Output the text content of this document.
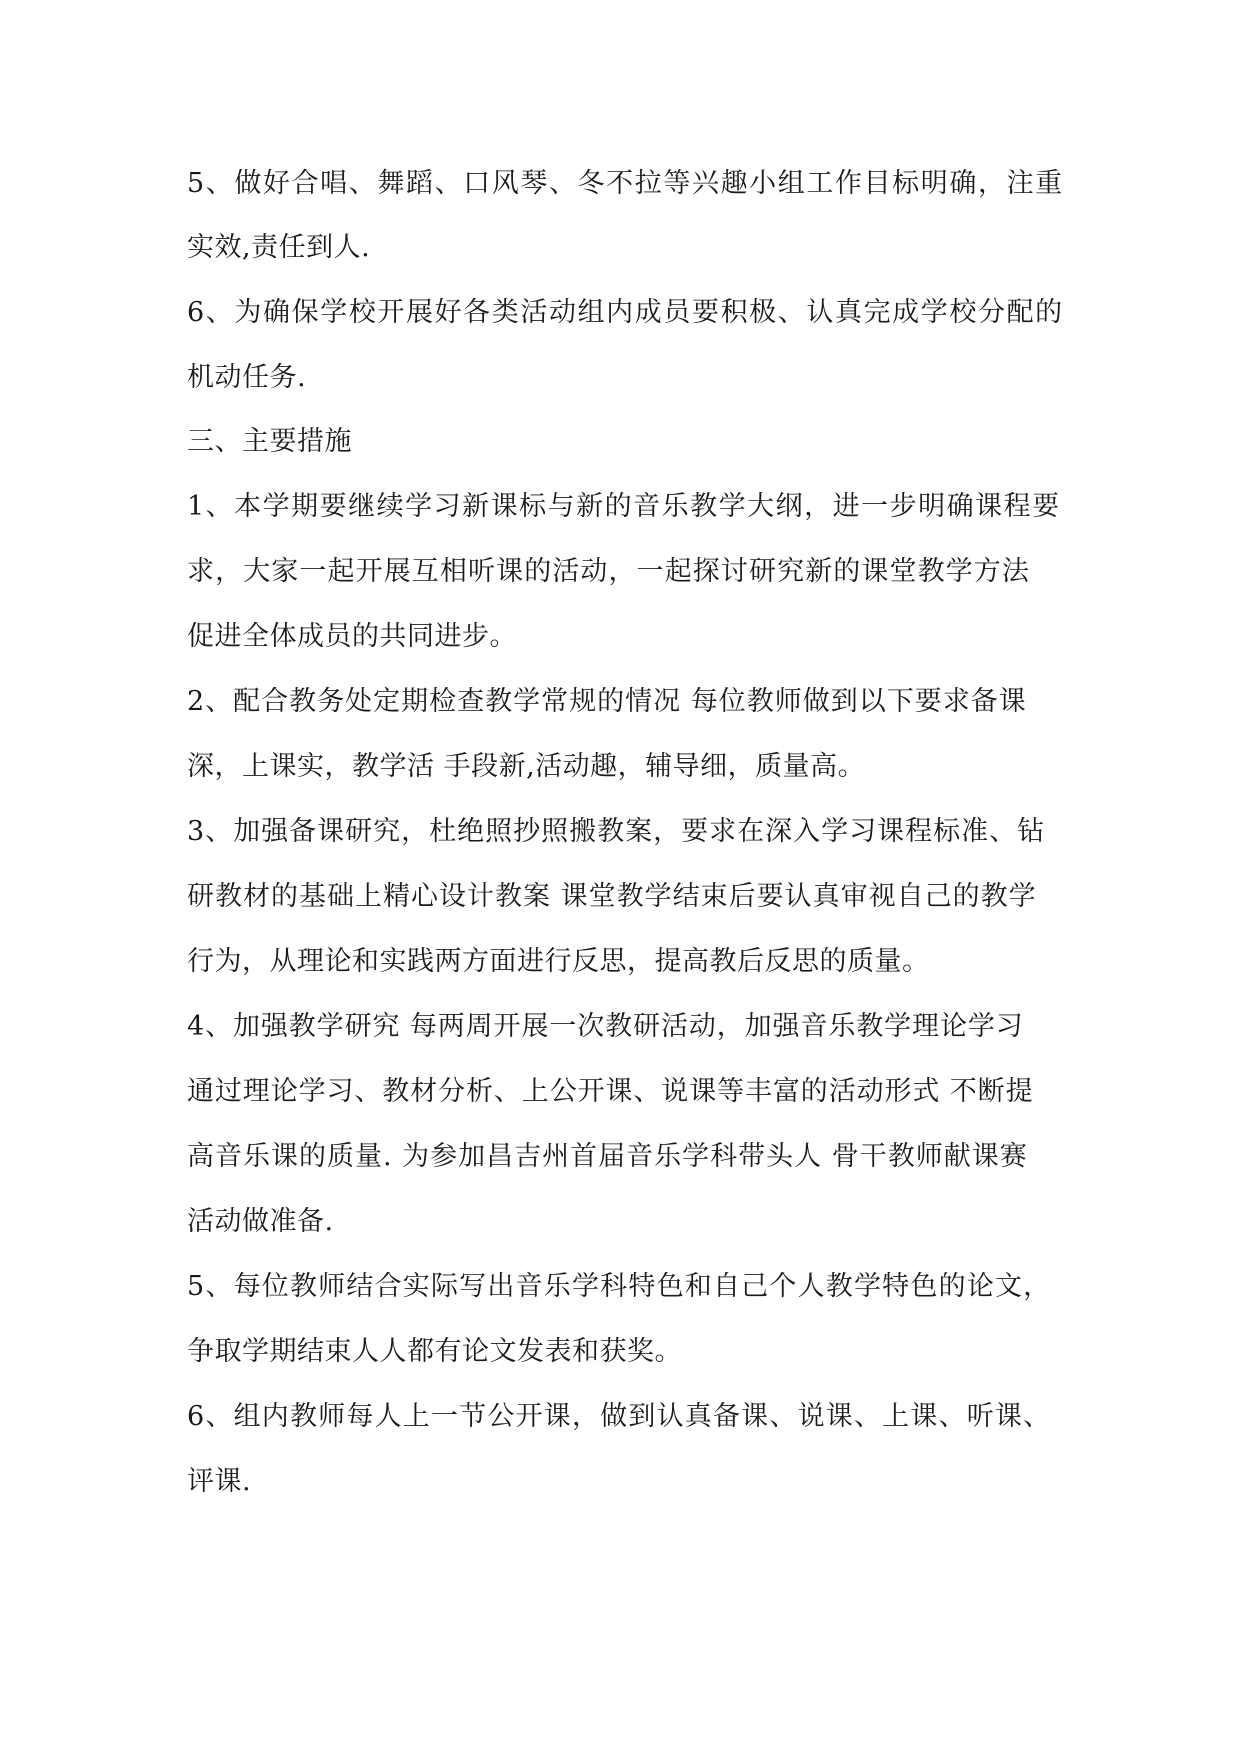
5、做好合唱、舞蹈、口风琴、冬不拉等兴趣小组工作目标明确，注重

实效,责任到人.

6、为确保学校开展好各类活动组内成员要积极、认真完成学校分配的

机动任务.

三、主要措施

1、本学期要继续学习新课标与新的音乐教学大纲，进一步明确课程要

求，大家一起开展互相听课的活动，一起探讨研究新的课堂教学方法

促进全体成员的共同进步。

2、配合教务处定期检查教学常规的情况 每位教师做到以下要求备课

深，上课实，教学活 手段新,活动趣，辅导细，质量高。

3、加强备课研究，杜绝照抄照搬教案，要求在深入学习课程标准、钻

研教材的基础上精心设计教案 课堂教学结束后要认真审视自己的教学

行为，从理论和实践两方面进行反思，提高教后反思的质量。

4、加强教学研究 每两周开展一次教研活动，加强音乐教学理论学习

通过理论学习、教材分析、上公开课、说课等丰富的活动形式 不断提

高音乐课的质量. 为参加昌吉州首届音乐学科带头人 骨干教师献课赛

活动做准备.

5、每位教师结合实际写出音乐学科特色和自己个人教学特色的论文，

争取学期结束人人都有论文发表和获奖。

6、组内教师每人上一节公开课，做到认真备课、说课、上课、听课、

评课.
